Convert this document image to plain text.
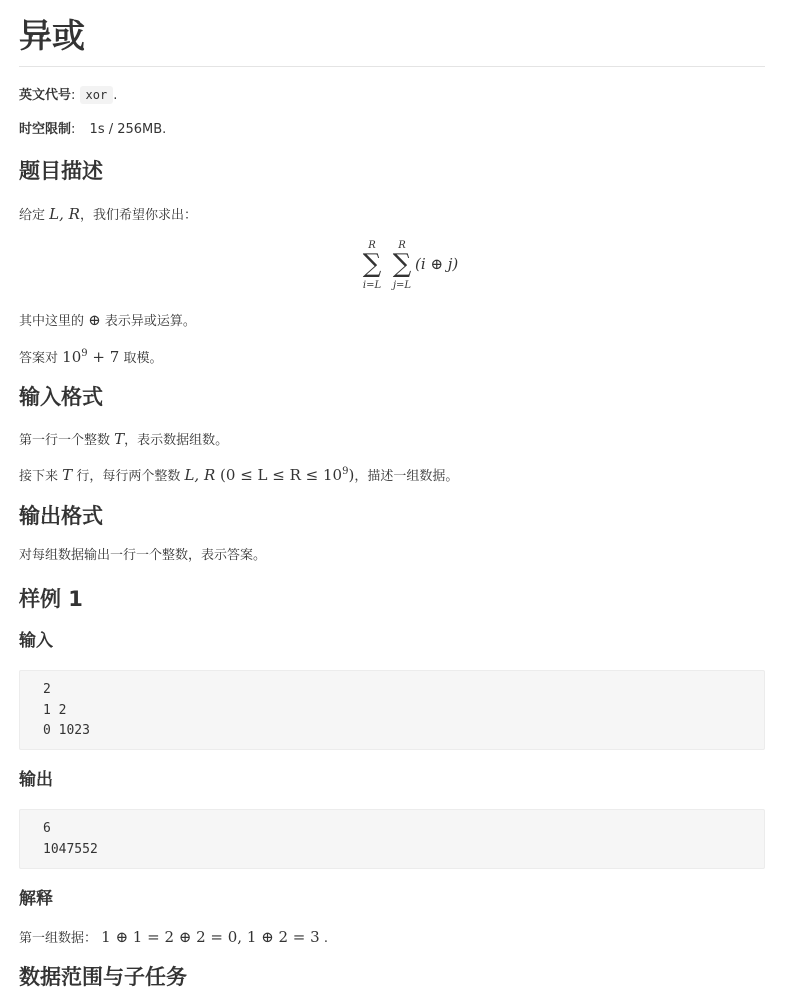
异或
英文代号: xor .
时空限制: 1s / 256MB.
题目描述
给定 L, R，我们希望你求出：
R
∑
i=L
R
∑
j=L
(i ⊕ j)
其中这里的 ⊕ 表示异或运算。
答案对 $10^9 + 7$ 取模。
输入格式
第一行一个整数 T，表示数据组数。
接下来 T 行，每行两个整数 L, R $(0 \le L \le R \le 10^9)$，描述一组数据。
输出格式
对每组数据输出一行一个整数，表示答案。
样例 1
输入
2
1 2
0 1023
输出
6
1047552
解释
第一组数据： 1 ⊕ 1 = 2 ⊕ 2 = 0, 1 ⊕ 2 = 3 .
数据范围与子任务
